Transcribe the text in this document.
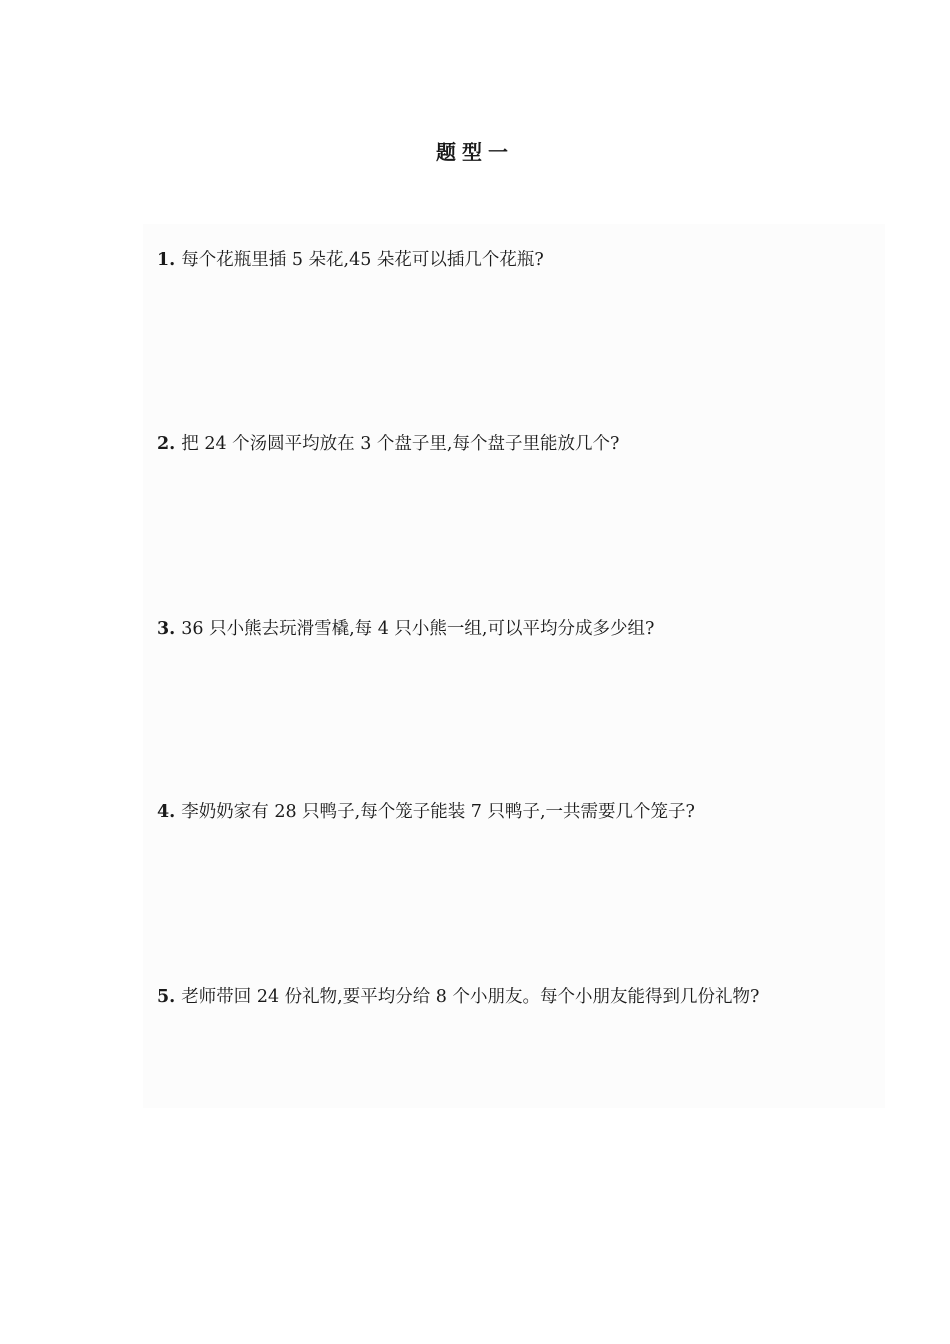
题型一
1. 每个花瓶里插 5 朵花,45 朵花可以插几个花瓶?
2. 把 24 个汤圆平均放在 3 个盘子里,每个盘子里能放几个?
3. 36 只小熊去玩滑雪橇,每 4 只小熊一组,可以平均分成多少组?
4. 李奶奶家有 28 只鸭子,每个笼子能装 7 只鸭子,一共需要几个笼子?
5. 老师带回 24 份礼物,要平均分给 8 个小朋友。每个小朋友能得到几份礼物?
